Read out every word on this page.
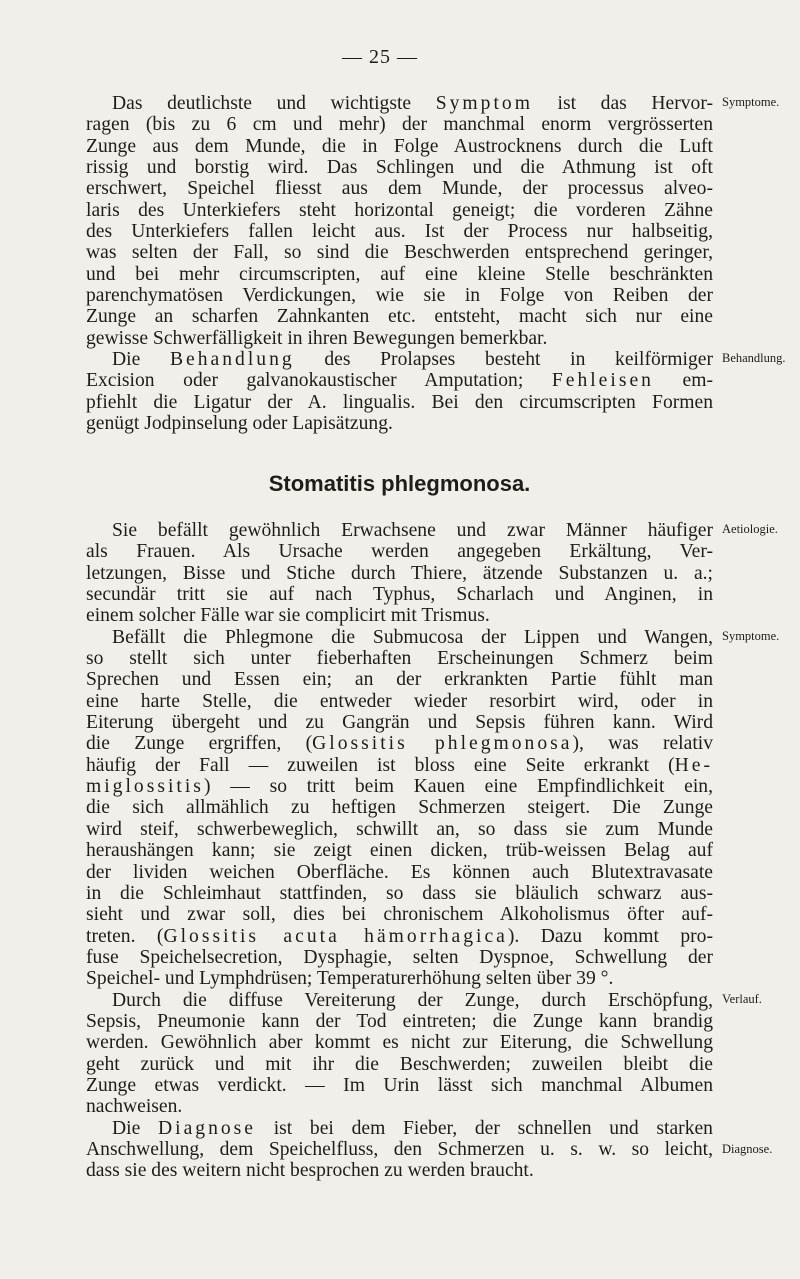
— 25 —
Das deutlichste und wichtigste Symptom ist das Hervor-
ragen (bis zu 6 cm und mehr) der manchmal enorm vergrösserten
Zunge aus dem Munde, die in Folge Austrocknens durch die Luft
rissig und borstig wird. Das Schlingen und die Athmung ist oft
erschwert, Speichel fliesst aus dem Munde, der processus alveo-
laris des Unterkiefers steht horizontal geneigt; die vorderen Zähne
des Unterkiefers fallen leicht aus. Ist der Process nur halbseitig,
was selten der Fall, so sind die Beschwerden entsprechend geringer,
und bei mehr circumscripten, auf eine kleine Stelle beschränkten
parenchymatösen Verdickungen, wie sie in Folge von Reiben der
Zunge an scharfen Zahnkanten etc. entsteht, macht sich nur eine
gewisse Schwerfälligkeit in ihren Bewegungen bemerkbar.
Die Behandlung des Prolapses besteht in keilförmiger
Excision oder galvanokaustischer Amputation; Fehleisen em-
pfiehlt die Ligatur der A. lingualis. Bei den circumscripten Formen
genügt Jodpinselung oder Lapisätzung.
Stomatitis phlegmonosa.
Sie befällt gewöhnlich Erwachsene und zwar Männer häufiger
als Frauen. Als Ursache werden angegeben Erkältung, Ver-
letzungen, Bisse und Stiche durch Thiere, ätzende Substanzen u. a.;
secundär tritt sie auf nach Typhus, Scharlach und Anginen, in
einem solcher Fälle war sie complicirt mit Trismus.
Befällt die Phlegmone die Submucosa der Lippen und Wangen,
so stellt sich unter fieberhaften Erscheinungen Schmerz beim
Sprechen und Essen ein; an der erkrankten Partie fühlt man
eine harte Stelle, die entweder wieder resorbirt wird, oder in
Eiterung übergeht und zu Gangrän und Sepsis führen kann. Wird
die Zunge ergriffen, (Glossitis phlegmonosa), was relativ
häufig der Fall — zuweilen ist bloss eine Seite erkrankt (He-
miglossitis) — so tritt beim Kauen eine Empfindlichkeit ein,
die sich allmählich zu heftigen Schmerzen steigert. Die Zunge
wird steif, schwerbeweglich, schwillt an, so dass sie zum Munde
heraushängen kann; sie zeigt einen dicken, trüb-weissen Belag auf
der lividen weichen Oberfläche. Es können auch Blutextravasate
in die Schleimhaut stattfinden, so dass sie bläulich schwarz aus-
sieht und zwar soll, dies bei chronischem Alkoholismus öfter auf-
treten. (Glossitis acuta hämorrhagica). Dazu kommt pro-
fuse Speichelsecretion, Dysphagie, selten Dyspnoe, Schwellung der
Speichel- und Lymphdrüsen; Temperaturerhöhung selten über 39 °.
Durch die diffuse Vereiterung der Zunge, durch Erschöpfung,
Sepsis, Pneumonie kann der Tod eintreten; die Zunge kann brandig
werden. Gewöhnlich aber kommt es nicht zur Eiterung, die Schwellung
geht zurück und mit ihr die Beschwerden; zuweilen bleibt die
Zunge etwas verdickt. — Im Urin lässt sich manchmal Albumen
nachweisen.
Die Diagnose ist bei dem Fieber, der schnellen und starken
Anschwellung, dem Speichelfluss, den Schmerzen u. s. w. so leicht,
dass sie des weitern nicht besprochen zu werden braucht.
Symptome.
Behandlung.
Aetiologie.
Symptome.
Verlauf.
Diagnose.
